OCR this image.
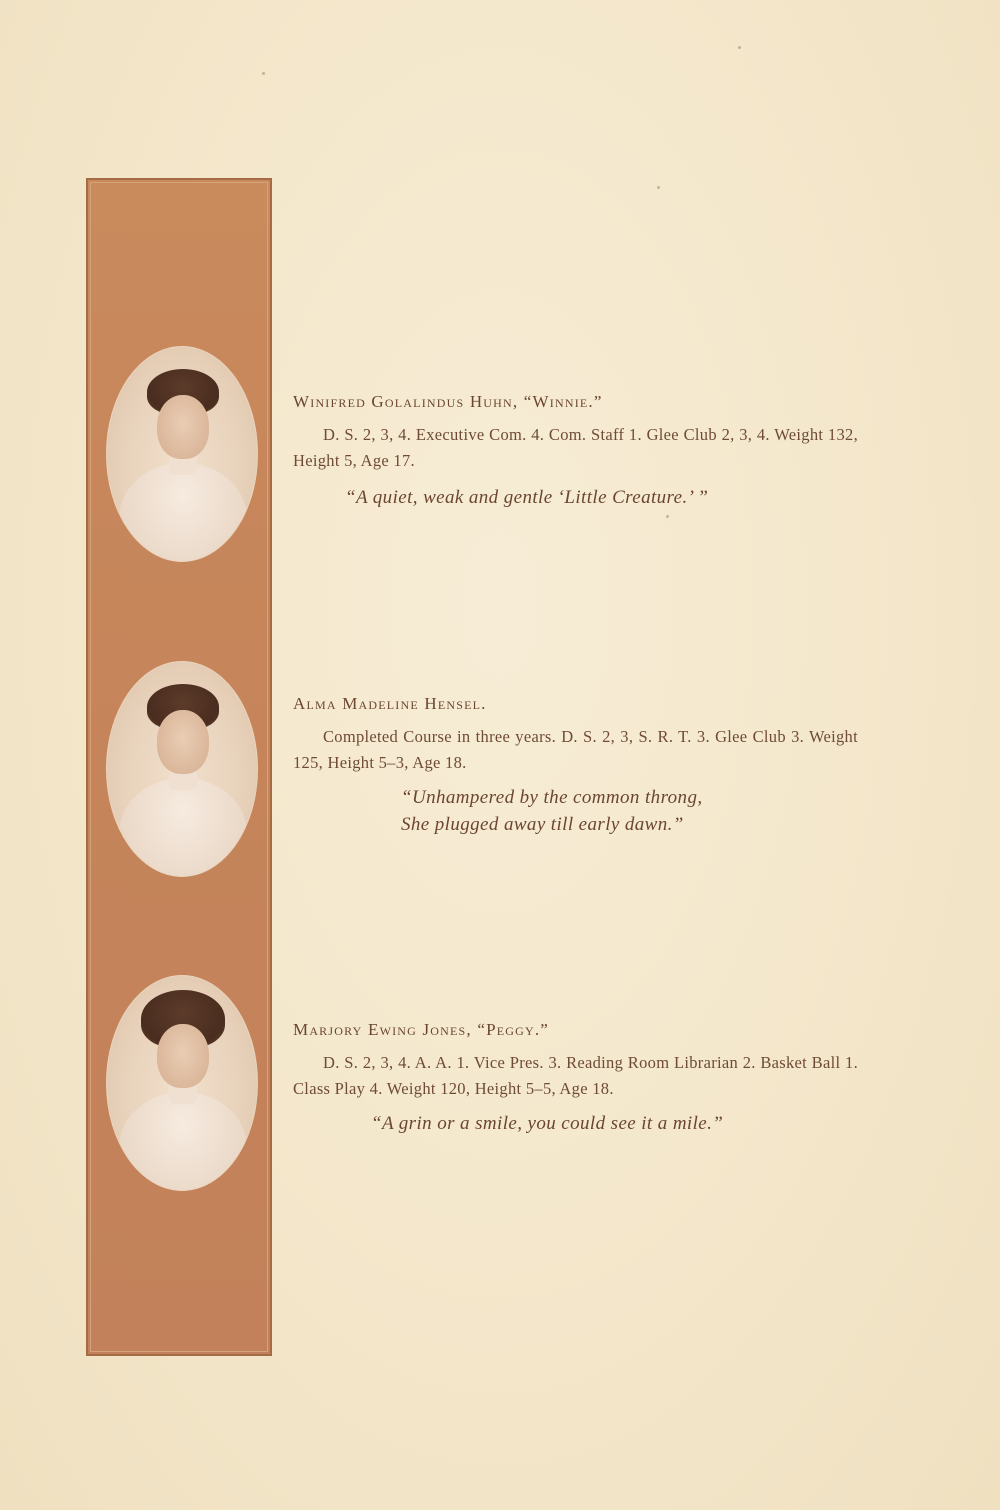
Winifred Golalindus Huhn, “Winnie.”
D. S. 2, 3, 4. Executive Com. 4. Com. Staff 1. Glee Club 2, 3, 4. Weight 132, Height 5, Age 17.
“A quiet, weak and gentle ‘Little Creature.’ ”
Alma Madeline Hensel.
Completed Course in three years. D. S. 2, 3, S. R. T. 3. Glee Club 3. Weight 125, Height 5–3, Age 18.
“Unhampered by the common throng,
She plugged away till early dawn.”
Marjory Ewing Jones, “Peggy.”
D. S. 2, 3, 4. A. A. 1. Vice Pres. 3. Reading Room Librarian 2. Basket Ball 1. Class Play 4. Weight 120, Height 5–5, Age 18.
“A grin or a smile, you could see it a mile.”
